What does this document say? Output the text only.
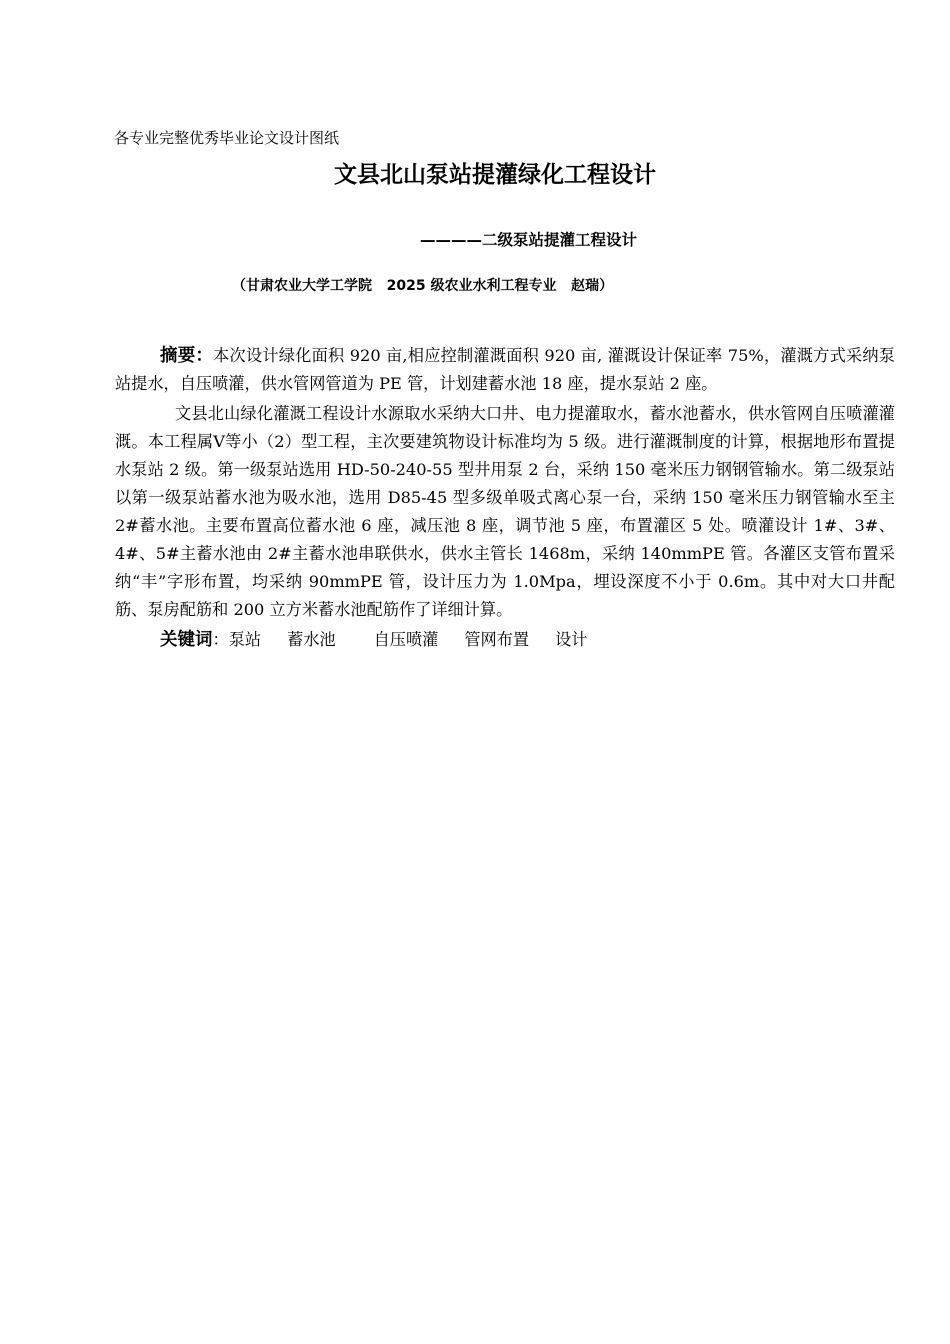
各专业完整优秀毕业论文设计图纸
文县北山泵站提灌绿化工程设计
————二级泵站提灌工程设计
（甘肃农业大学工学院   2025 级农业水利工程专业   赵瑞）

摘要：本次设计绿化面积 920 亩,相应控制灌溉面积 920 亩, 灌溉设计保证率 75%，灌溉方式采纳泵站提水，自压喷灌，供水管网管道为 PE 管，计划建蓄水池 18 座，提水泵站 2 座。

文县北山绿化灌溉工程设计水源取水采纳大口井、电力提灌取水，蓄水池蓄水，供水管网自压喷灌灌溉。本工程属Ⅴ等小（2）型工程，主次要建筑物设计标准均为 5 级。进行灌溉制度的计算，根据地形布置提水泵站 2 级。第一级泵站选用 HD-50-240-55 型井用泵 2 台，采纳 150 毫米压力钢钢管输水。第二级泵站以第一级泵站蓄水池为吸水池，选用 D85-45 型多级单吸式离心泵一台，采纳 150 毫米压力钢管输水至主 2#蓄水池。主要布置高位蓄水池 6 座，减压池 8 座，调节池 5 座，布置灌区 5 处。喷灌设计 1#、3#、4#、5#主蓄水池由 2#主蓄水池串联供水，供水主管长 1468m，采纳 140mmPE 管。各灌区支管布置采纳“丰”字形布置，均采纳 90mmPE 管，设计压力为 1.0Mpa，埋设深度不小于 0.6m。其中对大口井配筋、泵房配筋和 200 立方米蓄水池配筋作了详细计算。

关键词：泵站 蓄水池 自压喷灌 管网布置 设计
